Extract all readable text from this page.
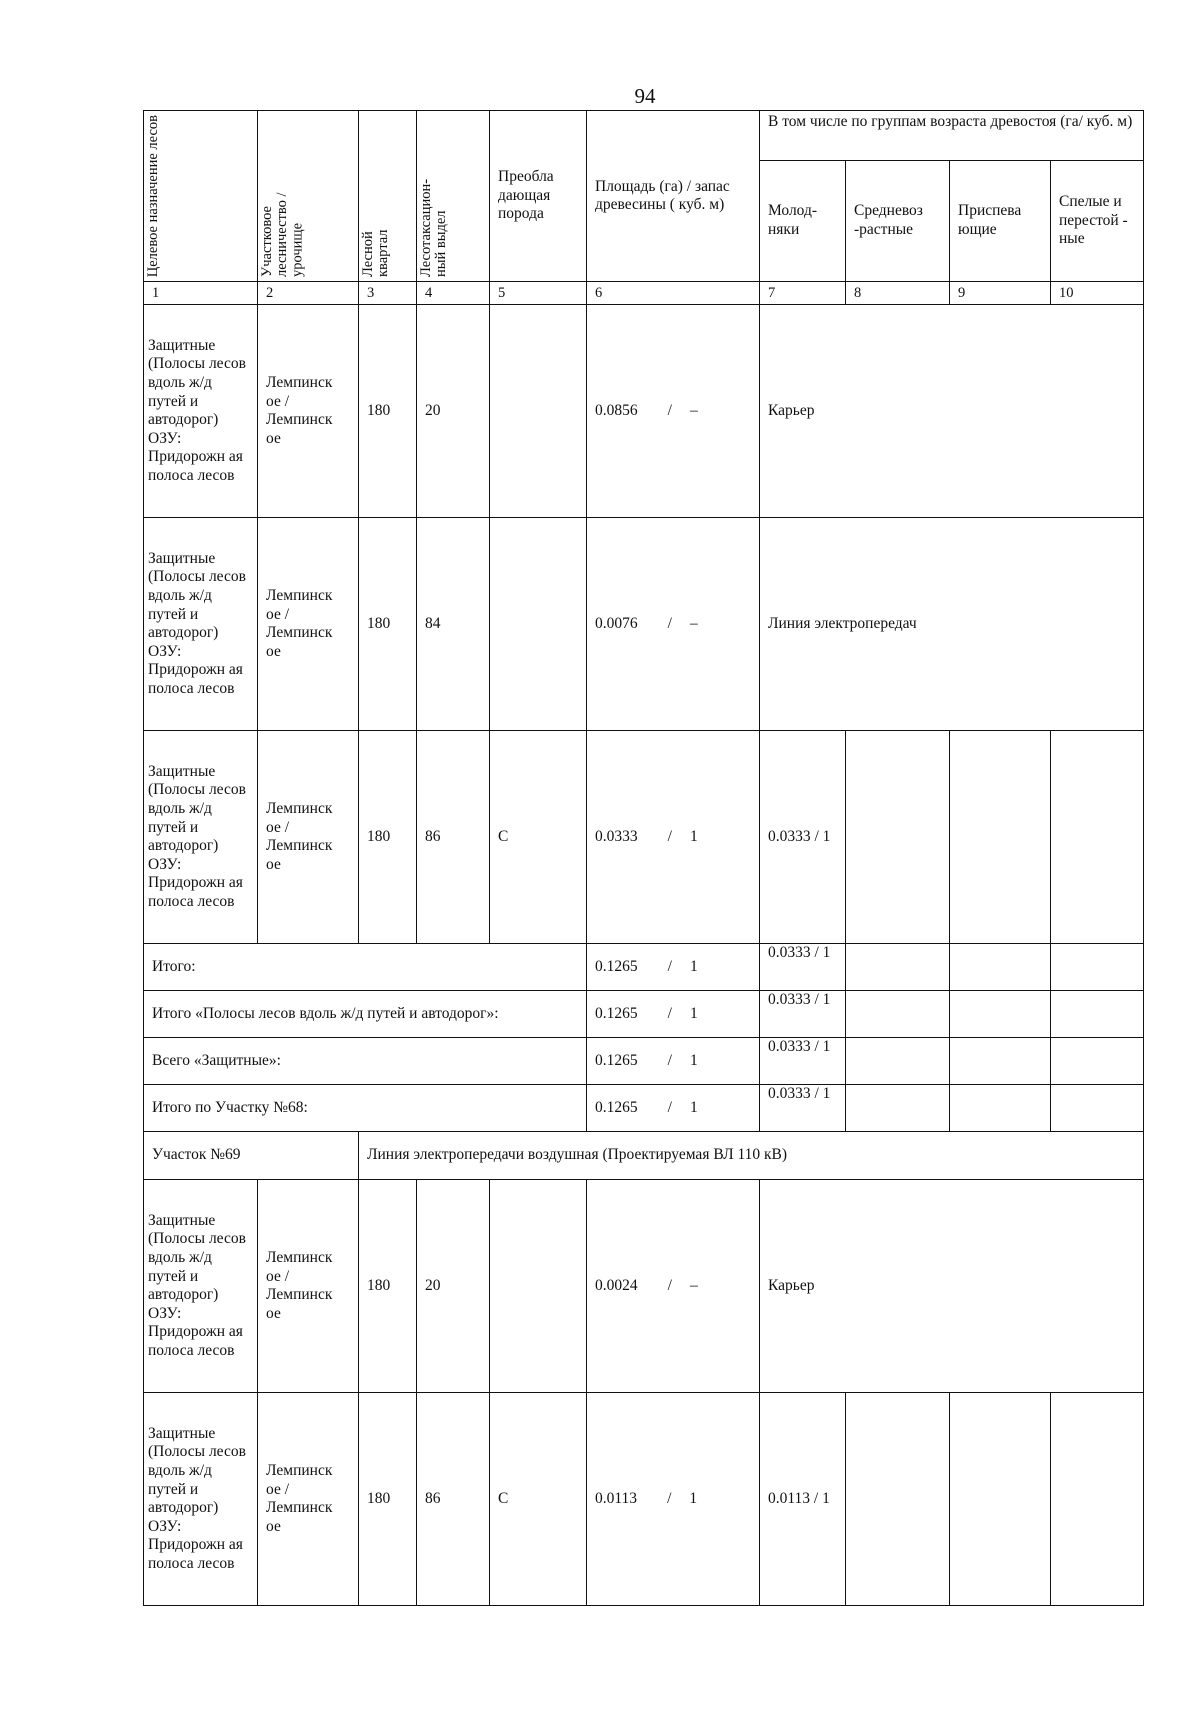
94
Целевое назначение лесов	Участковое лесничество / урочище	Лесной квартал	Лесотаксацион-ный выдел	Преобла дающая порода	Площадь (га) / запас древесины ( куб. м)	В том числе по группам возраста древостоя (га/ куб. м)			
						Молод-няки	Средневоз -растные	Приспева ющие	Спелые и перестой - ные
1	2	3	4	5	6	7	8	9	10
Защитные (Полосы лесов вдоль ж/д путей и автодорог) ОЗУ: Придорожн ая полоса лесов	Лемпинск ое / Лемпинск ое	180	20		0.0856 / –	Карьер			
Защитные (Полосы лесов вдоль ж/д путей и автодорог) ОЗУ: Придорожн ая полоса лесов	Лемпинск ое / Лемпинск ое	180	84		0.0076 / –	Линия электропередач			
Защитные (Полосы лесов вдоль ж/д путей и автодорог) ОЗУ: Придорожн ая полоса лесов	Лемпинск ое / Лемпинск ое	180	86	С	0.0333 / 1	0.0333 / 1			
Итого:					0.1265 / 1	0.0333 / 1			
Итого «Полосы лесов вдоль ж/д путей и автодорог»:					0.1265 / 1	0.0333 / 1			
Всего «Защитные»:					0.1265 / 1	0.0333 / 1			
Итого по Участку №68:					0.1265 / 1	0.0333 / 1			
Участок №69		Линия электропередачи воздушная (Проектируемая ВЛ 110 кВ)							
Защитные (Полосы лесов вдоль ж/д путей и автодорог) ОЗУ: Придорожн ая полоса лесов	Лемпинск ое / Лемпинск ое	180	20		0.0024 / –	Карьер			
Защитные (Полосы лесов вдоль ж/д путей и автодорог) ОЗУ: Придорожн ая полоса лесов	Лемпинск ое / Лемпинск ое	180	86	С	0.0113 / 1	0.0113 / 1			
